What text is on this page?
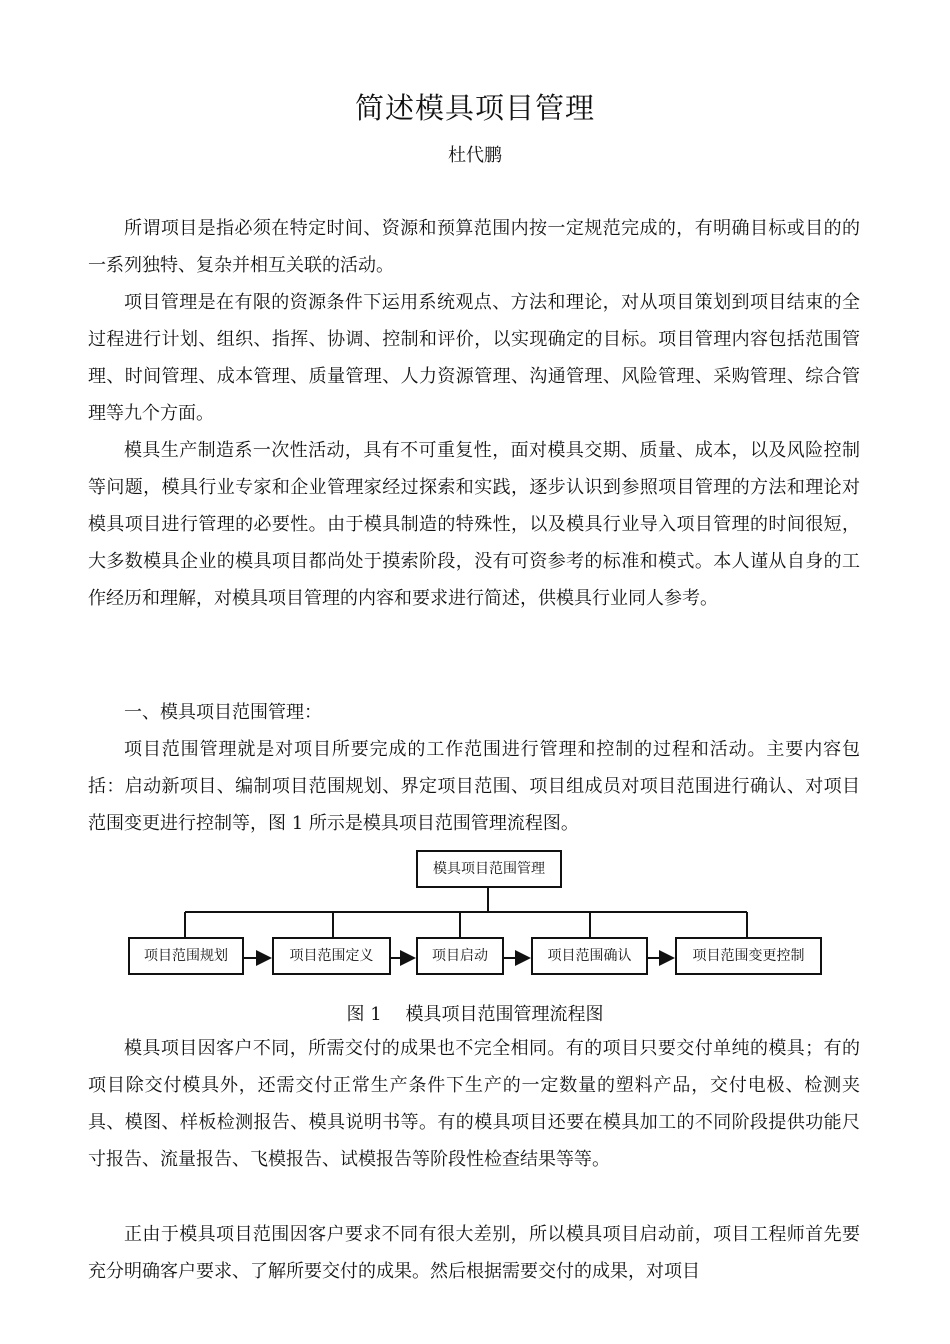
简述模具项目管理
杜代鹏

所谓项目是指必须在特定时间、资源和预算范围内按一定规范完成的，有明确目标或目的的一系列独特、复杂并相互关联的活动。

项目管理是在有限的资源条件下运用系统观点、方法和理论，对从项目策划到项目结束的全过程进行计划、组织、指挥、协调、控制和评价，以实现确定的目标。项目管理内容包括范围管理、时间管理、成本管理、质量管理、人力资源管理、沟通管理、风险管理、采购管理、综合管理等九个方面。

模具生产制造系一次性活动，具有不可重复性，面对模具交期、质量、成本，以及风险控制等问题，模具行业专家和企业管理家经过探索和实践，逐步认识到参照项目管理的方法和理论对模具项目进行管理的必要性。由于模具制造的特殊性，以及模具行业导入项目管理的时间很短，大多数模具企业的模具项目都尚处于摸索阶段，没有可资参考的标准和模式。本人谨从自身的工作经历和理解，对模具项目管理的内容和要求进行简述，供模具行业同人参考。

一、模具项目范围管理：

项目范围管理就是对项目所要完成的工作范围进行管理和控制的过程和活动。主要内容包括：启动新项目、编制项目范围规划、界定项目范围、项目组成员对项目范围进行确认、对项目范围变更进行控制等，图 1 所示是模具项目范围管理流程图。

模具项目范围管理
项目范围规划	项目范围定义	项目启动	项目范围确认	项目范围变更控制
图 1　 模具项目范围管理流程图

模具项目因客户不同，所需交付的成果也不完全相同。有的项目只要交付单纯的模具；有的项目除交付模具外，还需交付正常生产条件下生产的一定数量的塑料产品，交付电极、检测夹具、模图、样板检测报告、模具说明书等。有的模具项目还要在模具加工的不同阶段提供功能尺寸报告、流量报告、飞模报告、试模报告等阶段性检查结果等等。

正由于模具项目范围因客户要求不同有很大差别，所以模具项目启动前，项目工程师首先要充分明确客户要求、了解所要交付的成果。然后根据需要交付的成果，对项目
